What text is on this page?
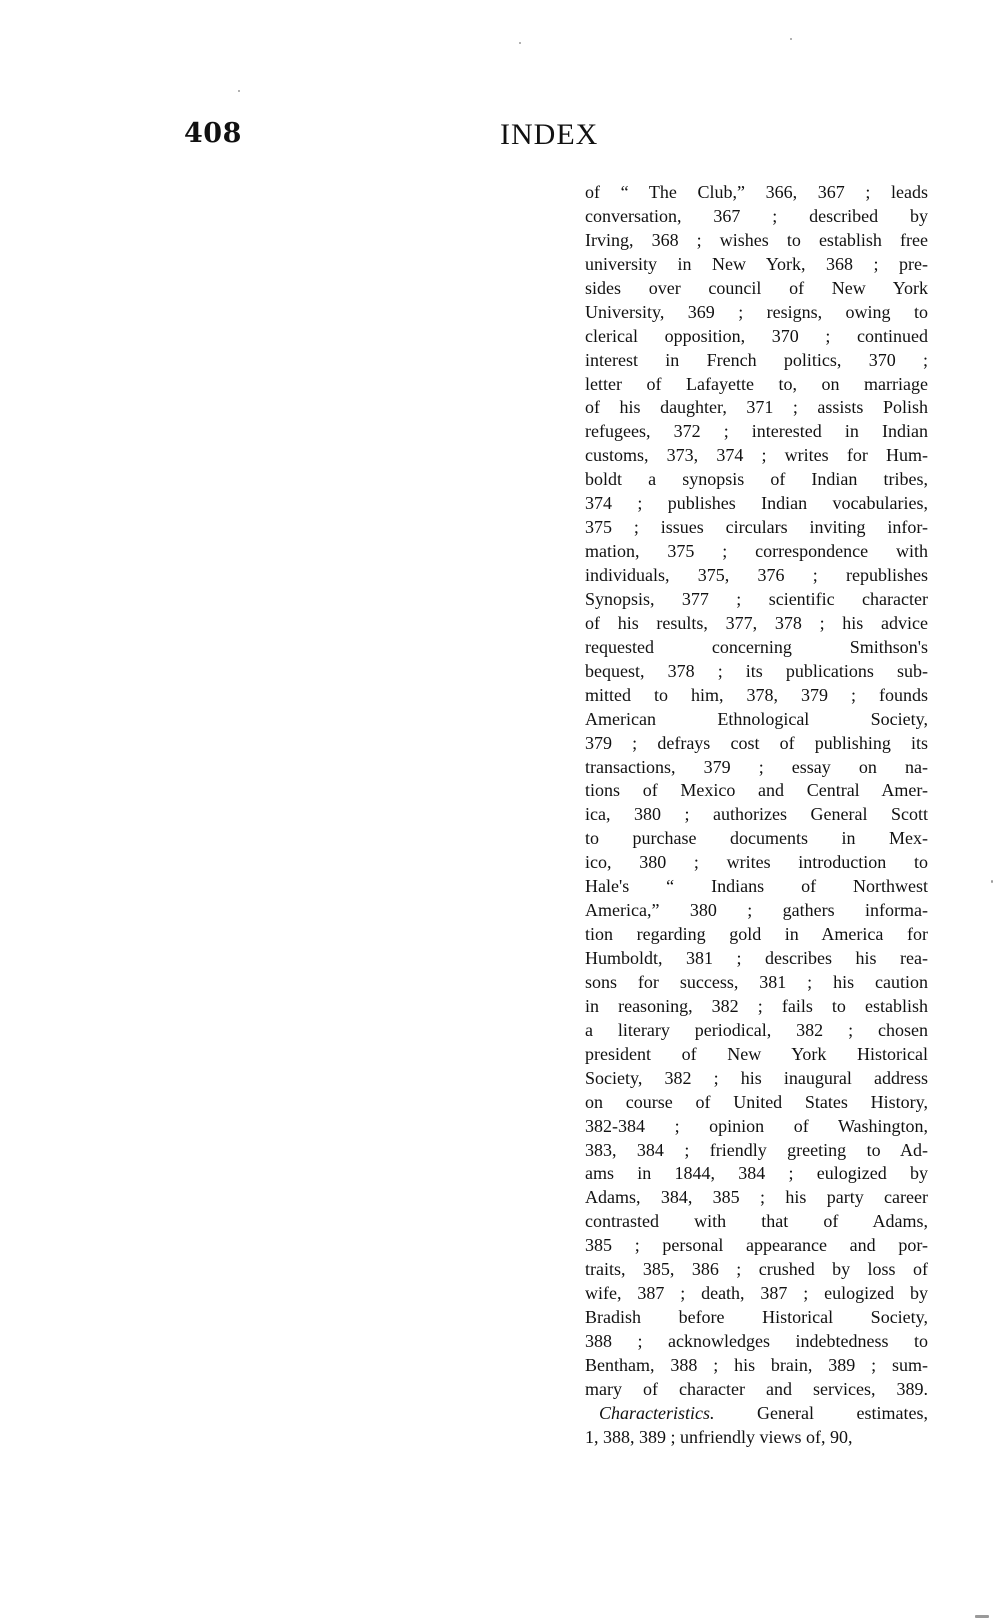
408	INDEX
of “ The Club,” 366, 367 ; leads
conversation, 367 ; described by
Irving, 368 ; wishes to establish free
university in New York, 368 ; pre-
sides over council of New York
University, 369 ; resigns, owing to
clerical opposition, 370 ; continued
interest in French politics, 370 ;
letter of Lafayette to, on marriage
of his daughter, 371 ; assists Polish
refugees, 372 ; interested in Indian
customs, 373, 374 ; writes for Hum-
boldt a synopsis of Indian tribes,
374 ; publishes Indian vocabularies,
375 ; issues circulars inviting infor-
mation, 375 ; correspondence with
individuals, 375, 376 ; republishes
Synopsis, 377 ; scientific character
of his results, 377, 378 ; his advice
requested concerning Smithson's
bequest, 378 ; its publications sub-
mitted to him, 378, 379 ; founds
American Ethnological Society,
379 ; defrays cost of publishing its
transactions, 379 ; essay on na-
tions of Mexico and Central Amer-
ica, 380 ; authorizes General Scott
to purchase documents in Mex-
ico, 380 ; writes introduction to
Hale's “ Indians of Northwest
America,” 380 ; gathers informa-
tion regarding gold in America for
Humboldt, 381 ; describes his rea-
sons for success, 381 ; his caution
in reasoning, 382 ; fails to establish
a literary periodical, 382 ; chosen
president of New York Historical
Society, 382 ; his inaugural address
on course of United States History,
382-384 ; opinion of Washington,
383, 384 ; friendly greeting to Ad-
ams in 1844, 384 ; eulogized by
Adams, 384, 385 ; his party career
contrasted with that of Adams,
385 ; personal appearance and por-
traits, 385, 386 ; crushed by loss of
wife, 387 ; death, 387 ; eulogized by
Bradish before Historical Society,
388 ; acknowledges indebtedness to
Bentham, 388 ; his brain, 389 ; sum-
mary of character and services, 389.
Characteristics. General estimates,
1, 388, 389 ; unfriendly views of, 90,
